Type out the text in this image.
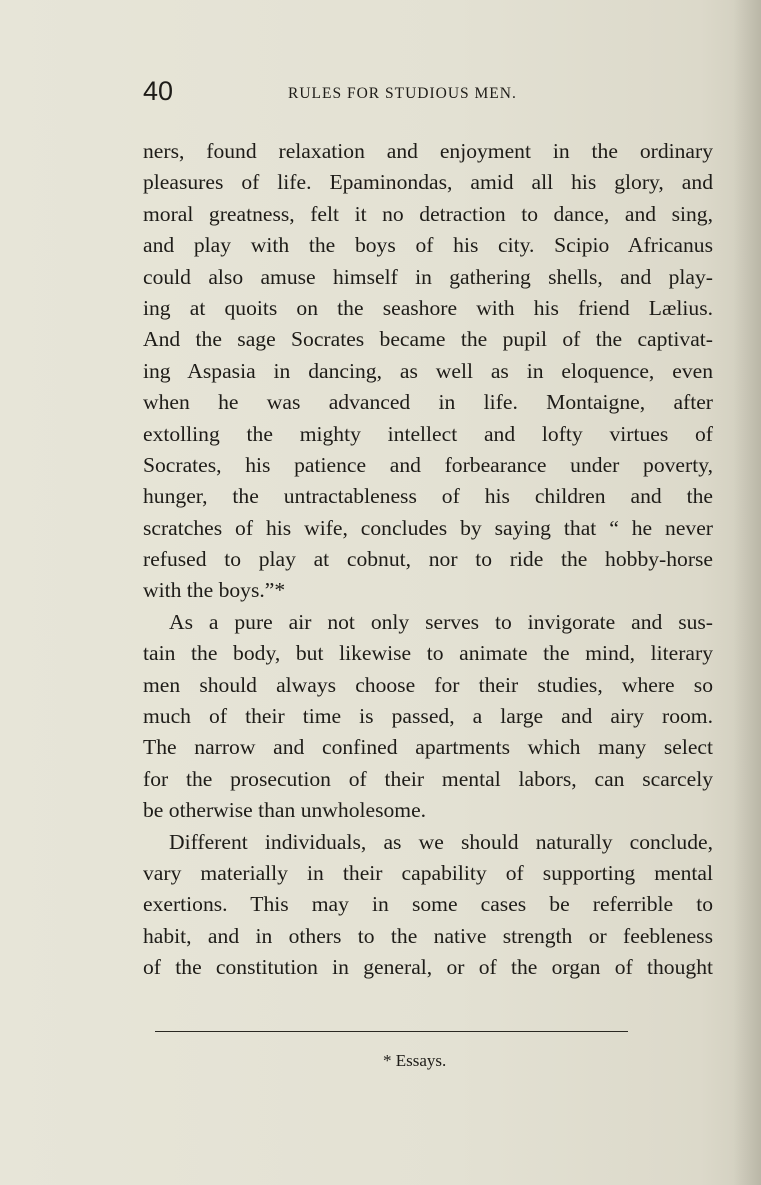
40	RULES FOR STUDIOUS MEN.
ners, found relaxation and enjoyment in the ordinary
pleasures of life. Epaminondas, amid all his glory, and
moral greatness, felt it no detraction to dance, and sing,
and play with the boys of his city. Scipio Africanus
could also amuse himself in gathering shells, and play-
ing at quoits on the seashore with his friend Lælius.
And the sage Socrates became the pupil of the captivat-
ing Aspasia in dancing, as well as in eloquence, even
when he was advanced in life. Montaigne, after
extolling the mighty intellect and lofty virtues of
Socrates, his patience and forbearance under poverty,
hunger, the untractableness of his children and the
scratches of his wife, concludes by saying that “ he never
refused to play at cobnut, nor to ride the hobby-horse
with the boys.”*
As a pure air not only serves to invigorate and sus-
tain the body, but likewise to animate the mind, literary
men should always choose for their studies, where so
much of their time is passed, a large and airy room.
The narrow and confined apartments which many select
for the prosecution of their mental labors, can scarcely
be otherwise than unwholesome.
Different individuals, as we should naturally conclude,
vary materially in their capability of supporting mental
exertions. This may in some cases be referrible to
habit, and in others to the native strength or feebleness
of the constitution in general, or of the organ of thought
* Essays.
